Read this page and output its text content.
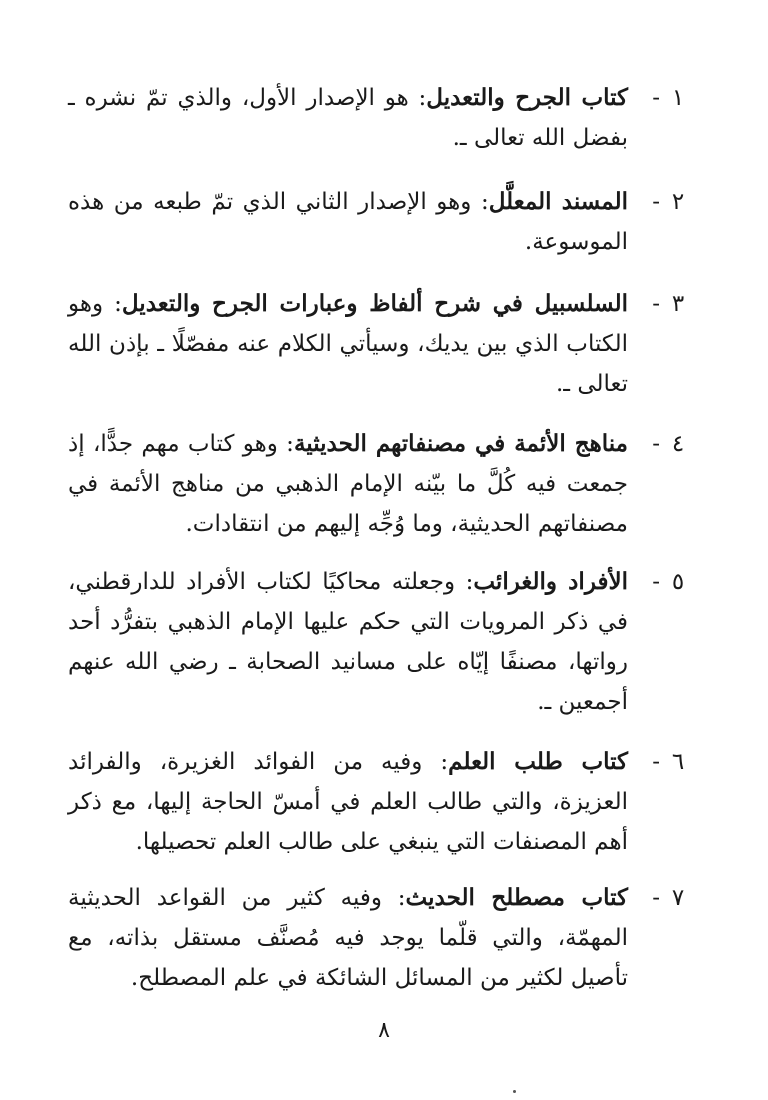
١
-

كتاب الجرح والتعديل: هو الإصدار الأول، والذي تمّ نشره ـ بفضل الله تعالى ـ.

٢
-

المسند المعلَّل: وهو الإصدار الثاني الذي تمّ طبعه من هذه الموسوعة.

٣
-

السلسبيل في شرح ألفاظ وعبارات الجرح والتعديل: وهو الكتاب الذي بين يديك، وسيأتي الكلام عنه مفصّلًا ـ بإذن الله تعالى ـ.

٤
-

مناهج الأئمة في مصنفاتهم الحديثية: وهو كتاب مهم جدًّا، إذ جمعت فيه كُلَّ ما بيّنه الإمام الذهبي من مناهج الأئمة في مصنفاتهم الحديثية، وما وُجِّه إليهم من انتقادات.

٥
-

الأفراد والغرائب: وجعلته محاكيًا لكتاب الأفراد للدارقطني، في ذكر المرويات التي حكم عليها الإمام الذهبي بتفرُّد أحد رواتها، مصنفًا إيّاه على مسانيد الصحابة ـ رضي الله عنهم أجمعين ـ.

٦
-

كتاب طلب العلم: وفيه من الفوائد الغزيرة، والفرائد العزيزة، والتي طالب العلم في أمسّ الحاجة إليها، مع ذكر أهم المصنفات التي ينبغي على طالب العلم تحصيلها.

٧
-

كتاب مصطلح الحديث: وفيه كثير من القواعد الحديثية المهمّة، والتي قلّما يوجد فيه مُصنَّف مستقل بذاته، مع تأصيل لكثير من المسائل الشائكة في علم المصطلح.

٨
